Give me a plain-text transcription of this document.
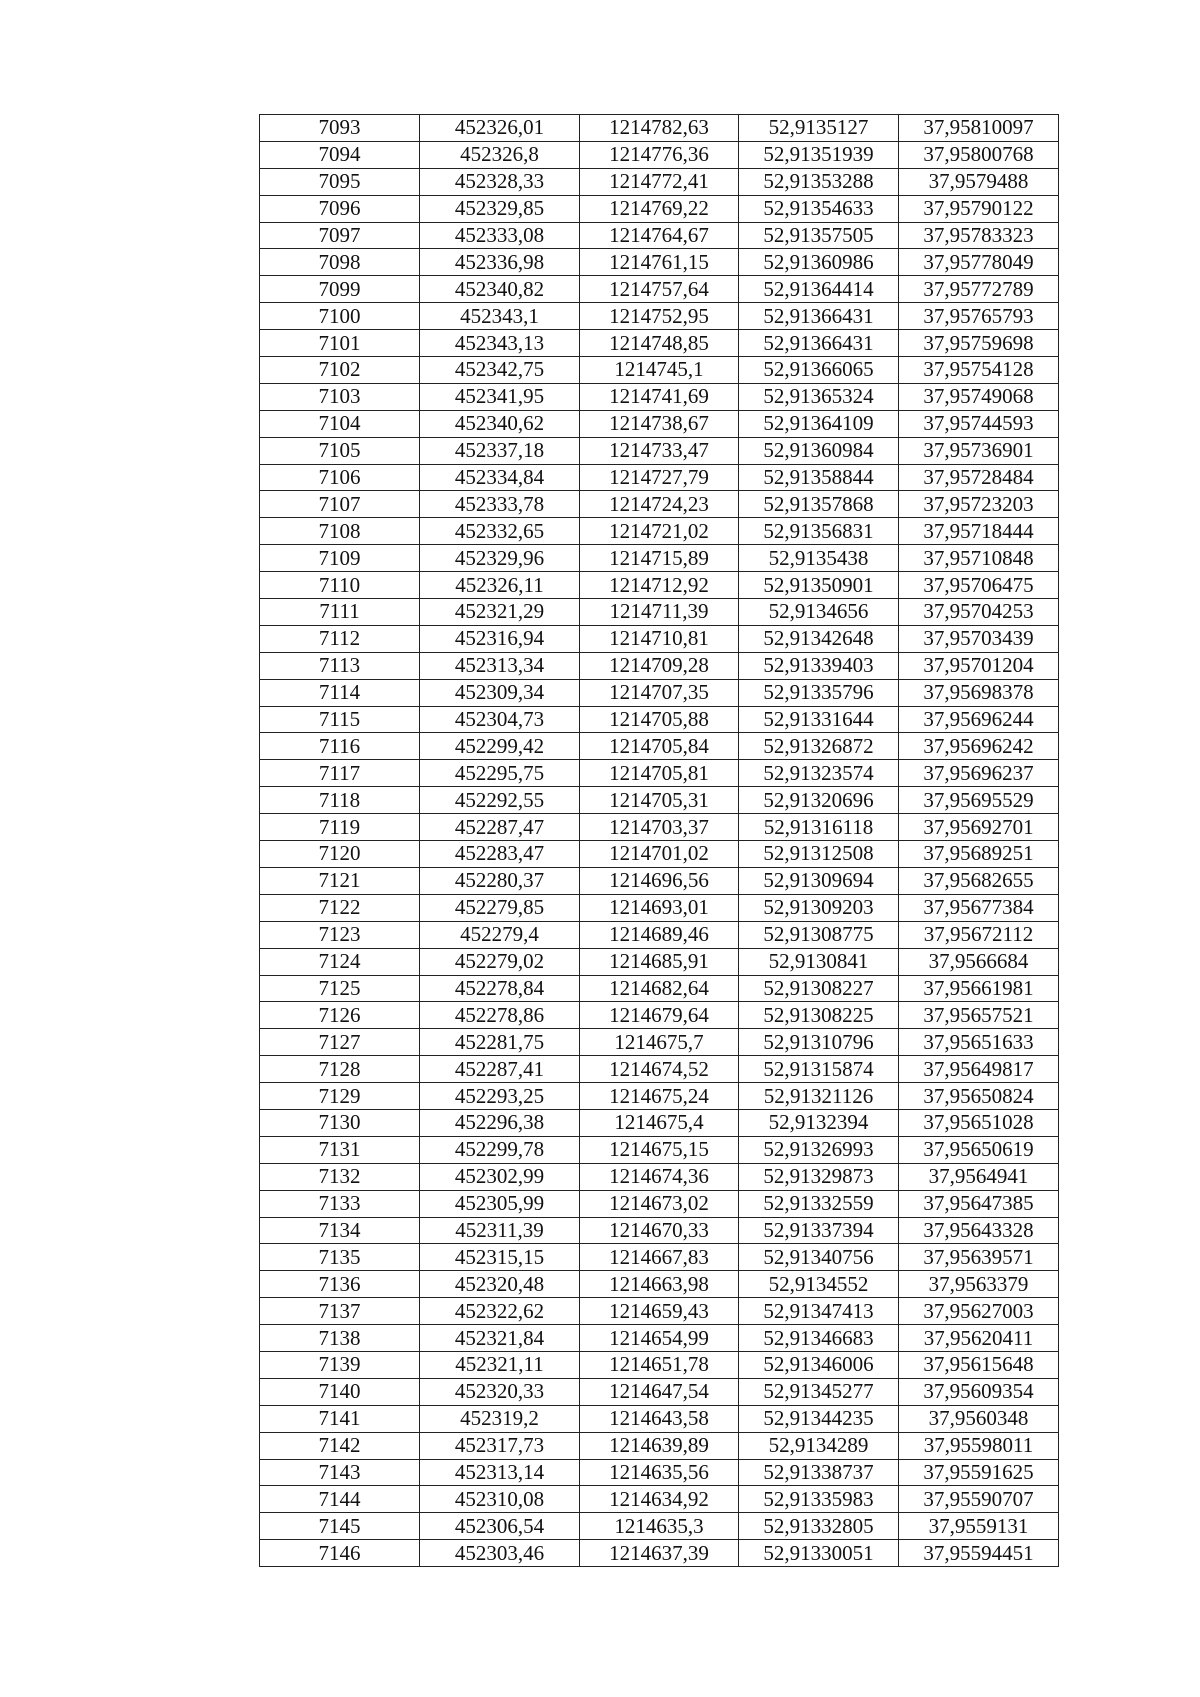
7093	452326,01	1214782,63	52,9135127	37,95810097
7094	452326,8	1214776,36	52,91351939	37,95800768
7095	452328,33	1214772,41	52,91353288	37,9579488
7096	452329,85	1214769,22	52,91354633	37,95790122
7097	452333,08	1214764,67	52,91357505	37,95783323
7098	452336,98	1214761,15	52,91360986	37,95778049
7099	452340,82	1214757,64	52,91364414	37,95772789
7100	452343,1	1214752,95	52,91366431	37,95765793
7101	452343,13	1214748,85	52,91366431	37,95759698
7102	452342,75	1214745,1	52,91366065	37,95754128
7103	452341,95	1214741,69	52,91365324	37,95749068
7104	452340,62	1214738,67	52,91364109	37,95744593
7105	452337,18	1214733,47	52,91360984	37,95736901
7106	452334,84	1214727,79	52,91358844	37,95728484
7107	452333,78	1214724,23	52,91357868	37,95723203
7108	452332,65	1214721,02	52,91356831	37,95718444
7109	452329,96	1214715,89	52,9135438	37,95710848
7110	452326,11	1214712,92	52,91350901	37,95706475
7111	452321,29	1214711,39	52,9134656	37,95704253
7112	452316,94	1214710,81	52,91342648	37,95703439
7113	452313,34	1214709,28	52,91339403	37,95701204
7114	452309,34	1214707,35	52,91335796	37,95698378
7115	452304,73	1214705,88	52,91331644	37,95696244
7116	452299,42	1214705,84	52,91326872	37,95696242
7117	452295,75	1214705,81	52,91323574	37,95696237
7118	452292,55	1214705,31	52,91320696	37,95695529
7119	452287,47	1214703,37	52,91316118	37,95692701
7120	452283,47	1214701,02	52,91312508	37,95689251
7121	452280,37	1214696,56	52,91309694	37,95682655
7122	452279,85	1214693,01	52,91309203	37,95677384
7123	452279,4	1214689,46	52,91308775	37,95672112
7124	452279,02	1214685,91	52,9130841	37,9566684
7125	452278,84	1214682,64	52,91308227	37,95661981
7126	452278,86	1214679,64	52,91308225	37,95657521
7127	452281,75	1214675,7	52,91310796	37,95651633
7128	452287,41	1214674,52	52,91315874	37,95649817
7129	452293,25	1214675,24	52,91321126	37,95650824
7130	452296,38	1214675,4	52,9132394	37,95651028
7131	452299,78	1214675,15	52,91326993	37,95650619
7132	452302,99	1214674,36	52,91329873	37,9564941
7133	452305,99	1214673,02	52,91332559	37,95647385
7134	452311,39	1214670,33	52,91337394	37,95643328
7135	452315,15	1214667,83	52,91340756	37,95639571
7136	452320,48	1214663,98	52,9134552	37,9563379
7137	452322,62	1214659,43	52,91347413	37,95627003
7138	452321,84	1214654,99	52,91346683	37,95620411
7139	452321,11	1214651,78	52,91346006	37,95615648
7140	452320,33	1214647,54	52,91345277	37,95609354
7141	452319,2	1214643,58	52,91344235	37,9560348
7142	452317,73	1214639,89	52,9134289	37,95598011
7143	452313,14	1214635,56	52,91338737	37,95591625
7144	452310,08	1214634,92	52,91335983	37,95590707
7145	452306,54	1214635,3	52,91332805	37,9559131
7146	452303,46	1214637,39	52,91330051	37,95594451
